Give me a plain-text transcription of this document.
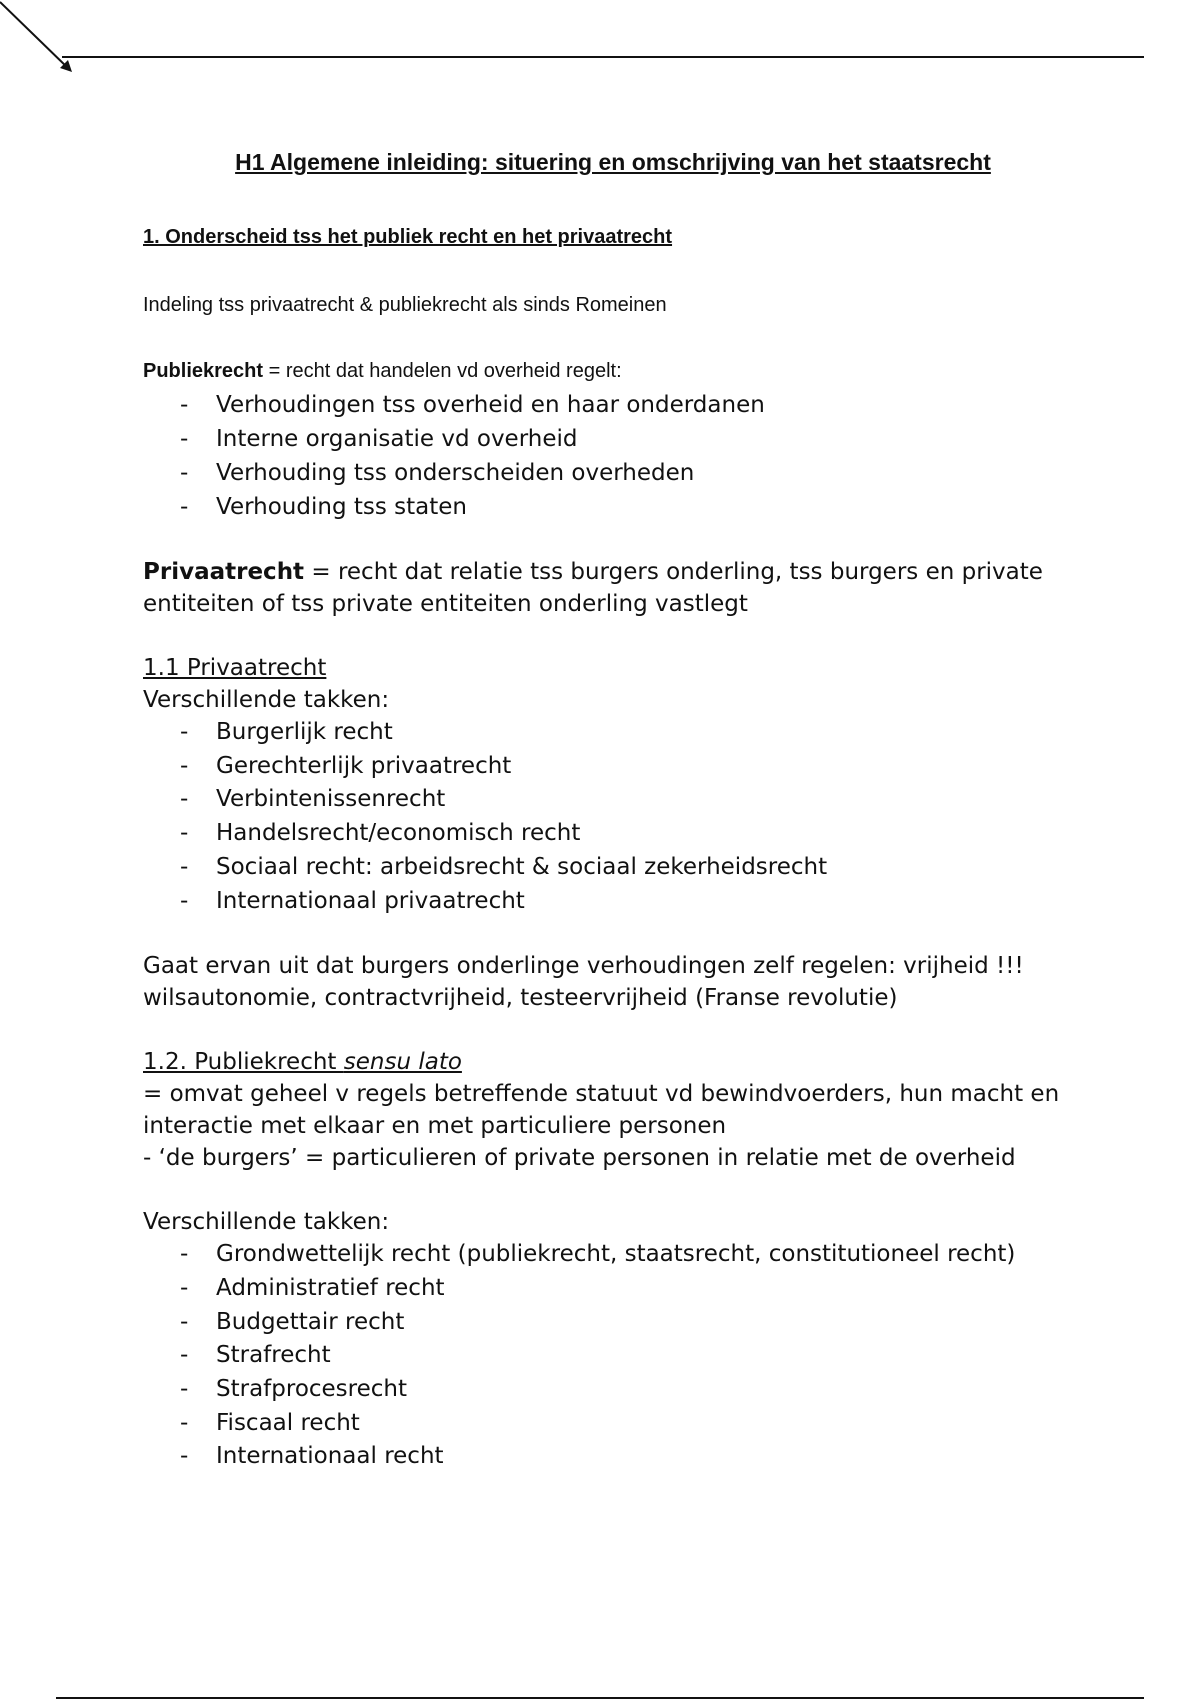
H1 Algemene inleiding: situering en omschrijving van het staatsrecht
1. Onderscheid tss het publiek recht en het privaatrecht

Indeling tss privaatrecht & publiekrecht als sinds Romeinen

Publiekrecht = recht dat handelen vd overheid regelt:

- Verhoudingen tss overheid en haar onderdanen
- Interne organisatie vd overheid
- Verhouding tss onderscheiden overheden
- Verhouding tss staten

Privaatrecht = recht dat relatie tss burgers onderling, tss burgers en private entiteiten of tss private entiteiten onderling vastlegt

1.1 Privaatrecht

Verschillende takken:

- Burgerlijk recht
- Gerechterlijk privaatrecht
- Verbintenissenrecht
- Handelsrecht/economisch recht
- Sociaal recht: arbeidsrecht & sociaal zekerheidsrecht
- Internationaal privaatrecht

Gaat ervan uit dat burgers onderlinge verhoudingen zelf regelen: vrijheid !!! wilsautonomie, contractvrijheid, testeervrijheid (Franse revolutie)

1.2. Publiekrecht sensu lato

= omvat geheel v regels betreffende statuut vd bewindvoerders, hun macht en interactie met elkaar en met particuliere personen

- ‘de burgers’ = particulieren of private personen in relatie met de overheid

Verschillende takken:

- Grondwettelijk recht (publiekrecht, staatsrecht, constitutioneel recht)
- Administratief recht
- Budgettair recht
- Strafrecht
- Strafprocesrecht
- Fiscaal recht
- Internationaal recht
